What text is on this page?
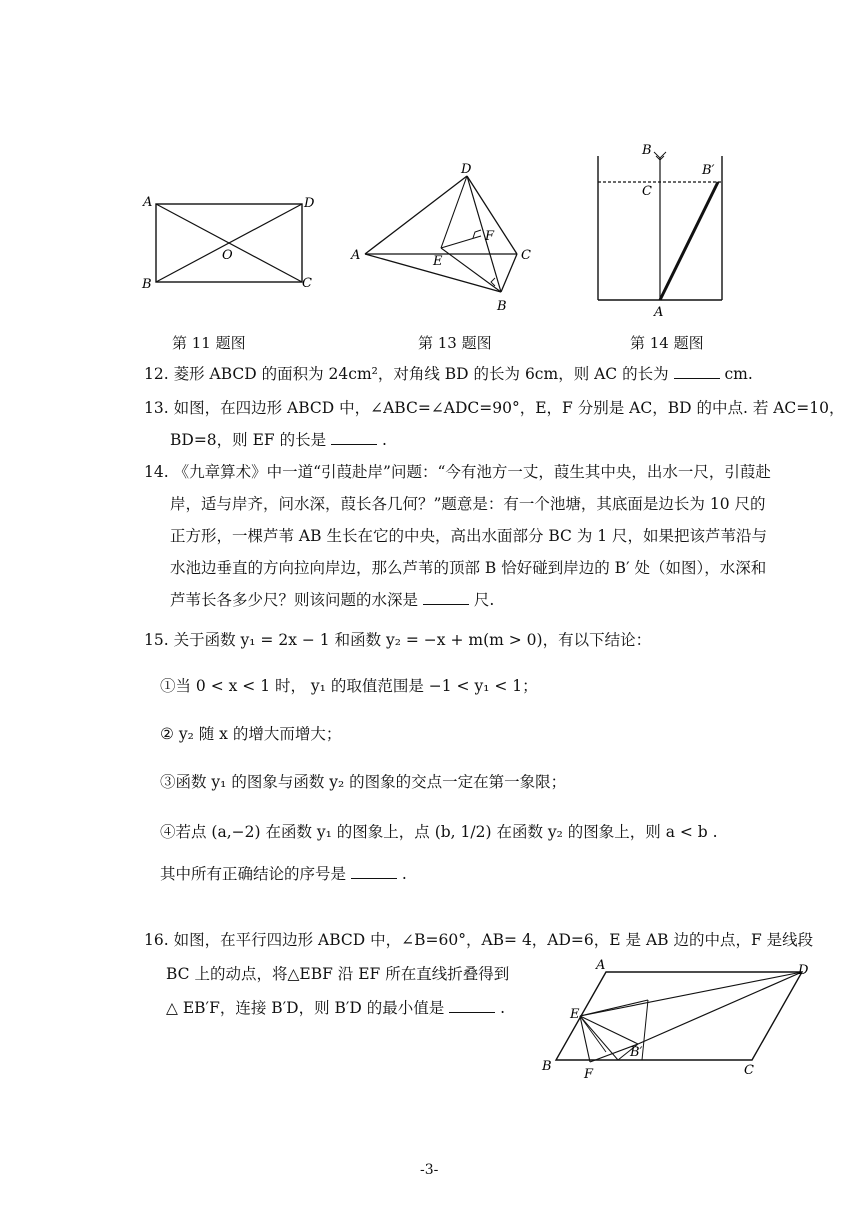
A	D
B	C
O	A
D
C
B
E
F
B
B′
C
A
第 11 题图	第 13 题图	第 14 题图
12. 菱形 ABCD 的面积为 24cm²，对角线 BD 的长为 6cm，则 AC 的长为	cm.
13. 如图，在四边形 ABCD 中，∠ABC=∠ADC=90°，E，F 分别是 AC，BD 的中点. 若 AC=10，
BD=8，则 EF 的长是	.
14. 《九章算术》中一道“引葭赴岸”问题：“今有池方一丈，葭生其中央，出水一尺，引葭赴
岸，适与岸齐，问水深，葭长各几何？”题意是：有一个池塘，其底面是边长为 10 尺的
正方形，一棵芦苇 AB 生长在它的中央，高出水面部分 BC 为 1 尺，如果把该芦苇沿与
水池边垂直的方向拉向岸边，那么芦苇的顶部 B 恰好碰到岸边的 B′ 处（如图），水深和
芦苇长各多少尺？则该问题的水深是	尺.
15. 关于函数 y₁ = 2x − 1 和函数 y₂ = −x + m(m > 0)，有以下结论：
①当 0 < x < 1 时， y₁ 的取值范围是 −1 < y₁ < 1；
② y₂ 随 x 的增大而增大；
③函数 y₁ 的图象与函数 y₂ 的图象的交点一定在第一象限；
④若点 (a,−2) 在函数 y₁ 的图象上，点 (b, 1/2) 在函数 y₂ 的图象上，则 a < b .
其中所有正确结论的序号是	.
16. 如图，在平行四边形 ABCD 中，∠B=60°，AB= 4，AD=6，E 是 AB 边的中点，F 是线段
BC 上的动点，将△EBF 沿 EF 所在直线折叠得到
△ EB′F，连接 B′D，则 B′D 的最小值是	.
A	D
C
B
E
F
B′
-3-
